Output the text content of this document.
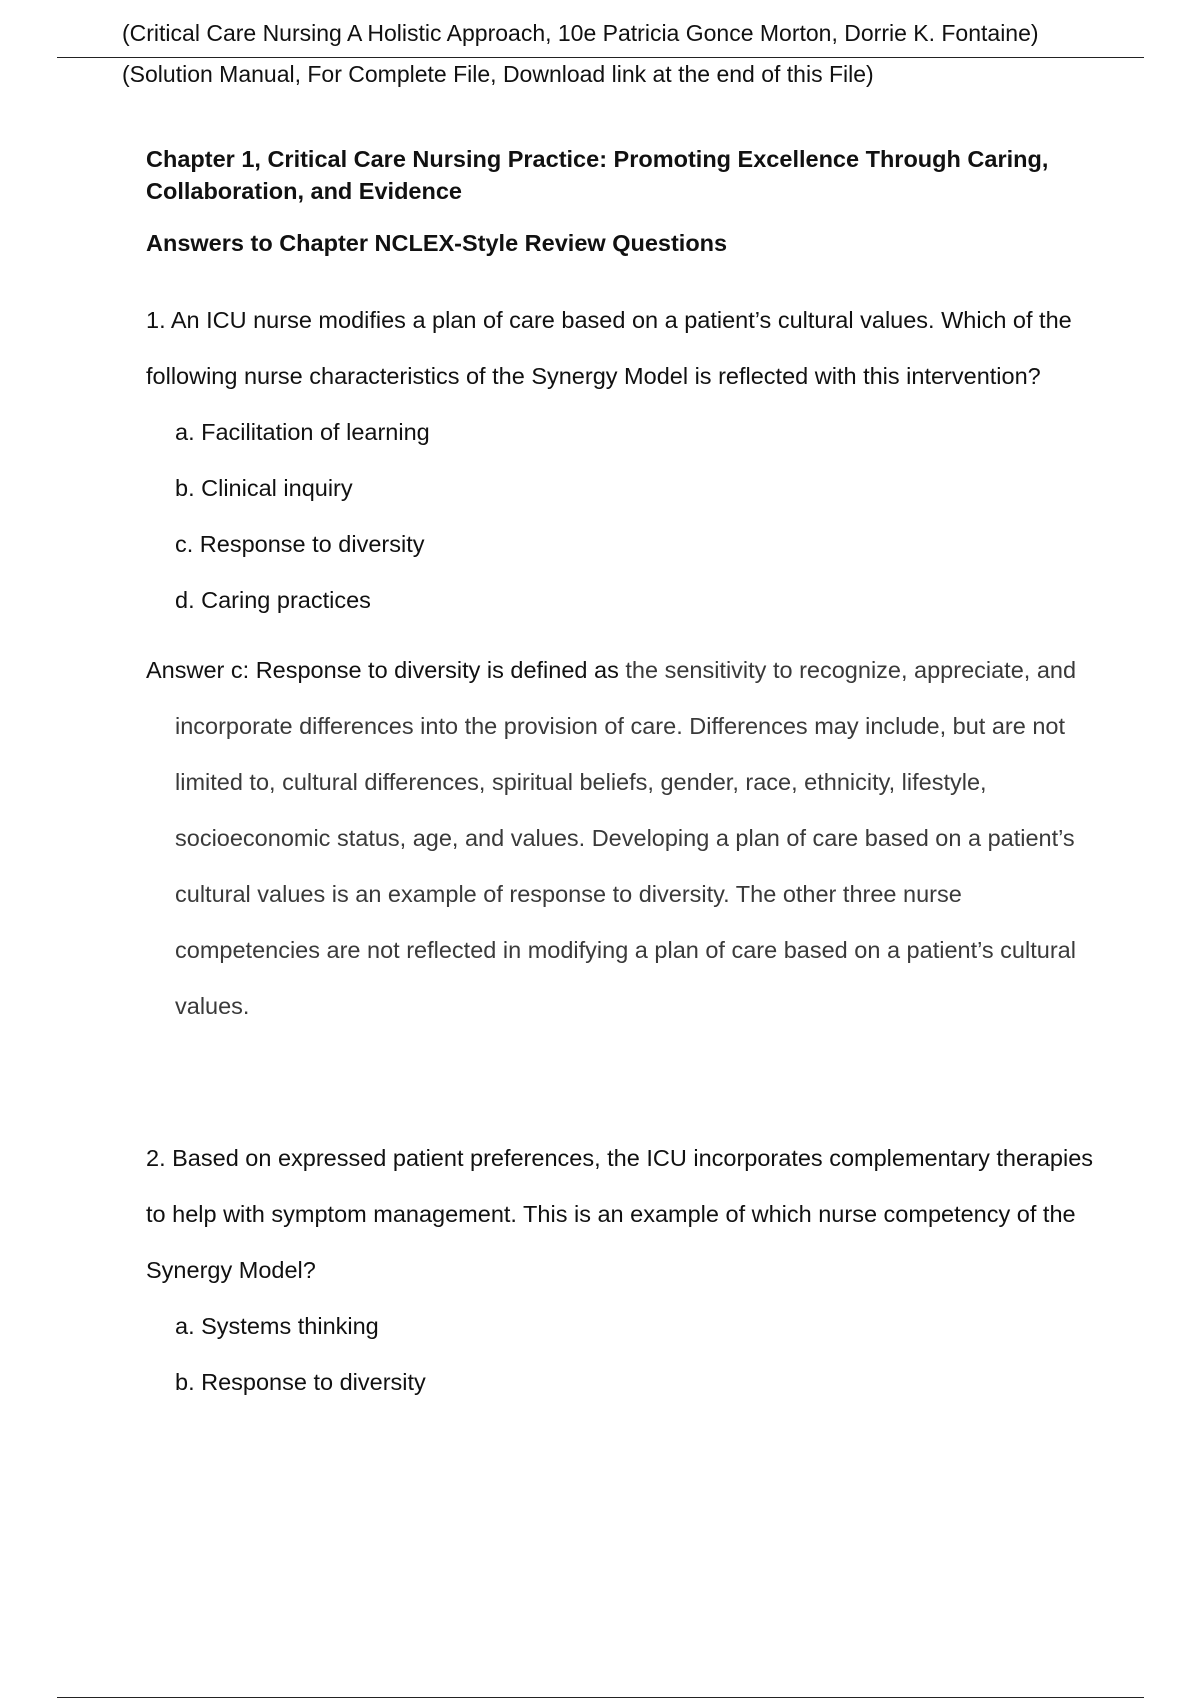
(Critical Care Nursing A Holistic Approach, 10e Patricia Gonce Morton, Dorrie K. Fontaine)
(Solution Manual, For Complete File, Download link at the end of this File)
Chapter 1, Critical Care Nursing Practice: Promoting Excellence Through Caring, Collaboration, and Evidence
Answers to Chapter NCLEX-Style Review Questions

1. An ICU nurse modifies a plan of care based on a patient’s cultural values. Which of the following nurse characteristics of the Synergy Model is reflected with this intervention?

a. Facilitation of learning
b. Clinical inquiry
c. Response to diversity
d. Caring practices

Answer c: Response to diversity is defined as the sensitivity to recognize, appreciate, and incorporate differences into the provision of care. Differences may include, but are not limited to, cultural differences, spiritual beliefs, gender, race, ethnicity, lifestyle, socioeconomic status, age, and values. Developing a plan of care based on a patient’s cultural values is an example of response to diversity. The other three nurse competencies are not reflected in modifying a plan of care based on a patient’s cultural values.

2. Based on expressed patient preferences, the ICU incorporates complementary therapies to help with symptom management. This is an example of which nurse competency of the Synergy Model?

a. Systems thinking
b. Response to diversity
